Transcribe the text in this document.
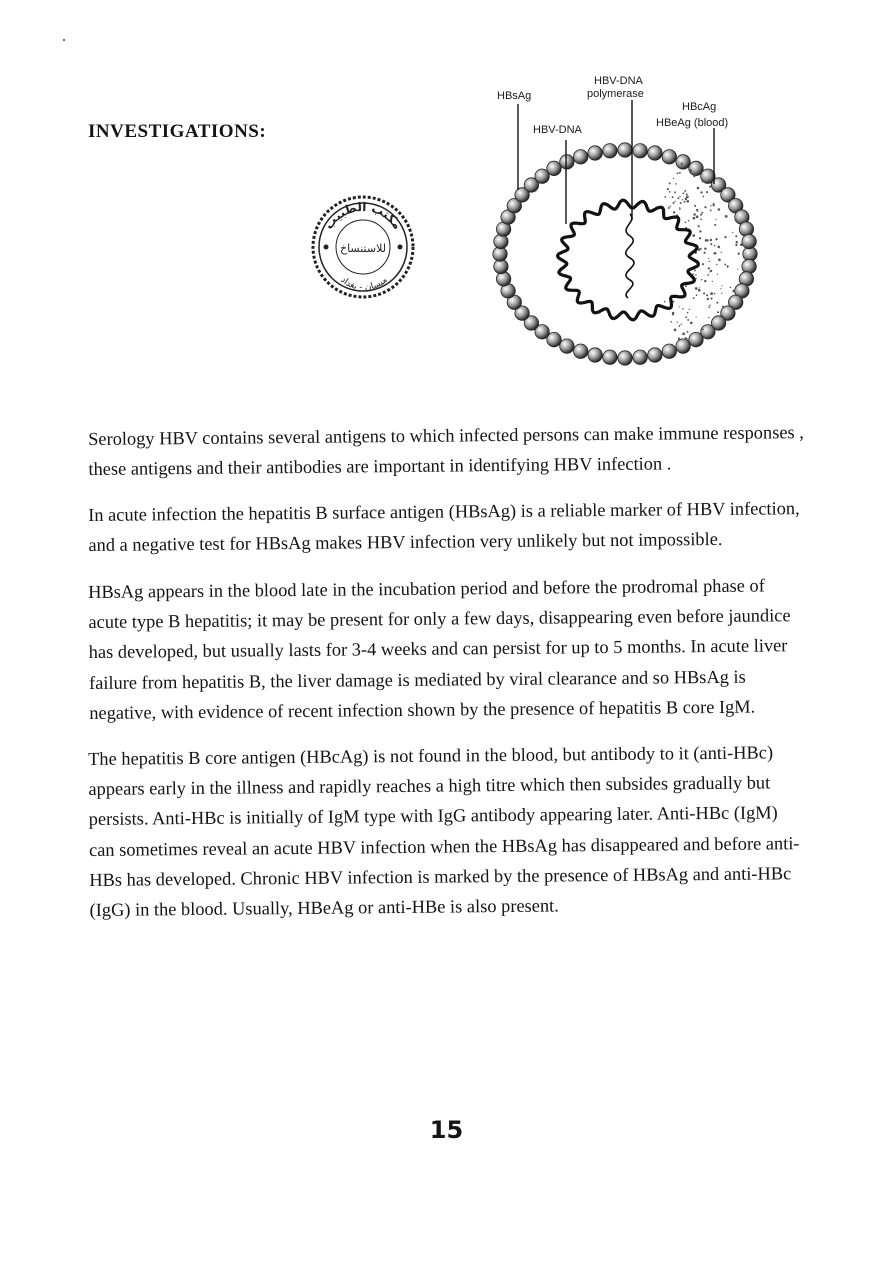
INVESTIGATIONS:
مكتب الطبيب
للاستنساخ
ميسان - بغداد
HBsAg
HBV-DNA
polymerase
HBcAg
HBV-DNA
HBeAg (blood)

Serology HBV contains several antigens to which infected persons can make immune responses , these antigens and their antibodies are important in identifying HBV infection .

In acute infection the hepatitis B surface antigen (HBsAg) is a reliable marker of HBV infection, and a negative test for HBsAg makes HBV infection very unlikely but not impossible.

HBsAg appears in the blood late in the incubation period and before the prodromal phase of acute type B hepatitis; it may be present for only a few days, disappearing even before jaundice has developed, but usually lasts for 3-4 weeks and can persist for up to 5 months. In acute liver failure from hepatitis B, the liver damage is mediated by viral clearance and so HBsAg is negative, with evidence of recent infection shown by the presence of hepatitis B core IgM.

The hepatitis B core antigen (HBcAg) is not found in the blood, but antibody to it (anti-HBc) appears early in the illness and rapidly reaches a high titre which then subsides gradually but persists. Anti-HBc is initially of IgM type with IgG antibody appearing later. Anti-HBc (IgM) can sometimes reveal an acute HBV infection when the HBsAg has disappeared and before anti-HBs has developed. Chronic HBV infection is marked by the presence of HBsAg and anti-HBc (IgG) in the blood. Usually, HBeAg or anti-HBe is also present.

15
